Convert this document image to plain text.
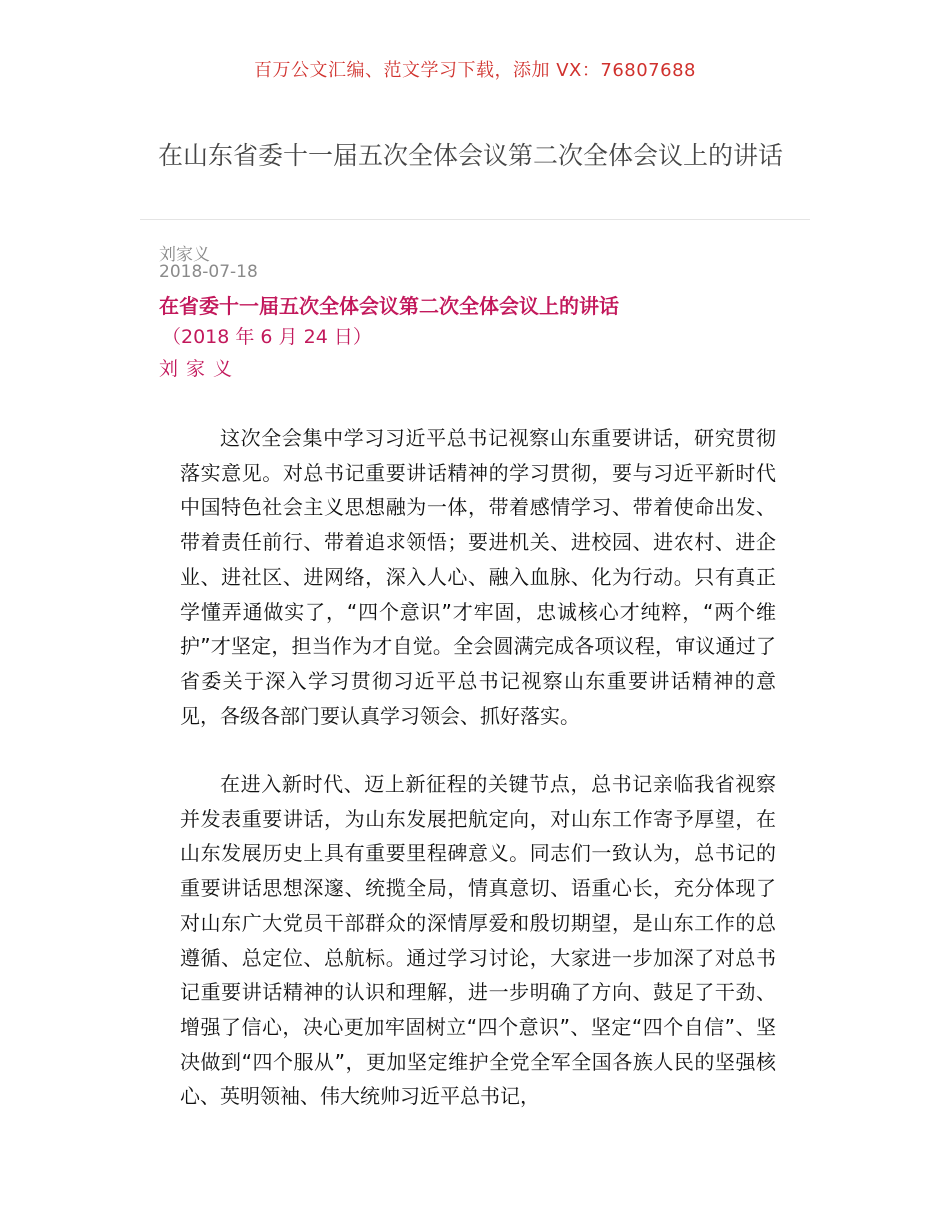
百万公文汇编、范文学习下载，添加 VX：76807688
在山东省委十一届五次全体会议第二次全体会议上的讲话
刘家义
2018-07-18
在省委十一届五次全体会议第二次全体会议上的讲话
（2018 年 6 月 24 日）
刘家义

这次全会集中学习习近平总书记视察山东重要讲话，研究贯彻落实意见。对总书记重要讲话精神的学习贯彻，要与习近平新时代中国特色社会主义思想融为一体，带着感情学习、带着使命出发、带着责任前行、带着追求领悟；要进机关、进校园、进农村、进企业、进社区、进网络，深入人心、融入血脉、化为行动。只有真正学懂弄通做实了，“四个意识”才牢固，忠诚核心才纯粹，“两个维护”才坚定，担当作为才自觉。全会圆满完成各项议程，审议通过了省委关于深入学习贯彻习近平总书记视察山东重要讲话精神的意见，各级各部门要认真学习领会、抓好落实。

在进入新时代、迈上新征程的关键节点，总书记亲临我省视察并发表重要讲话，为山东发展把航定向，对山东工作寄予厚望，在山东发展历史上具有重要里程碑意义。同志们一致认为，总书记的重要讲话思想深邃、统揽全局，情真意切、语重心长，充分体现了对山东广大党员干部群众的深情厚爱和殷切期望，是山东工作的总遵循、总定位、总航标。通过学习讨论，大家进一步加深了对总书记重要讲话精神的认识和理解，进一步明确了方向、鼓足了干劲、增强了信心，决心更加牢固树立“四个意识”、坚定“四个自信”、坚决做到“四个服从”，更加坚定维护全党全军全国各族人民的坚强核心、英明领袖、伟大统帅习近平总书记，
